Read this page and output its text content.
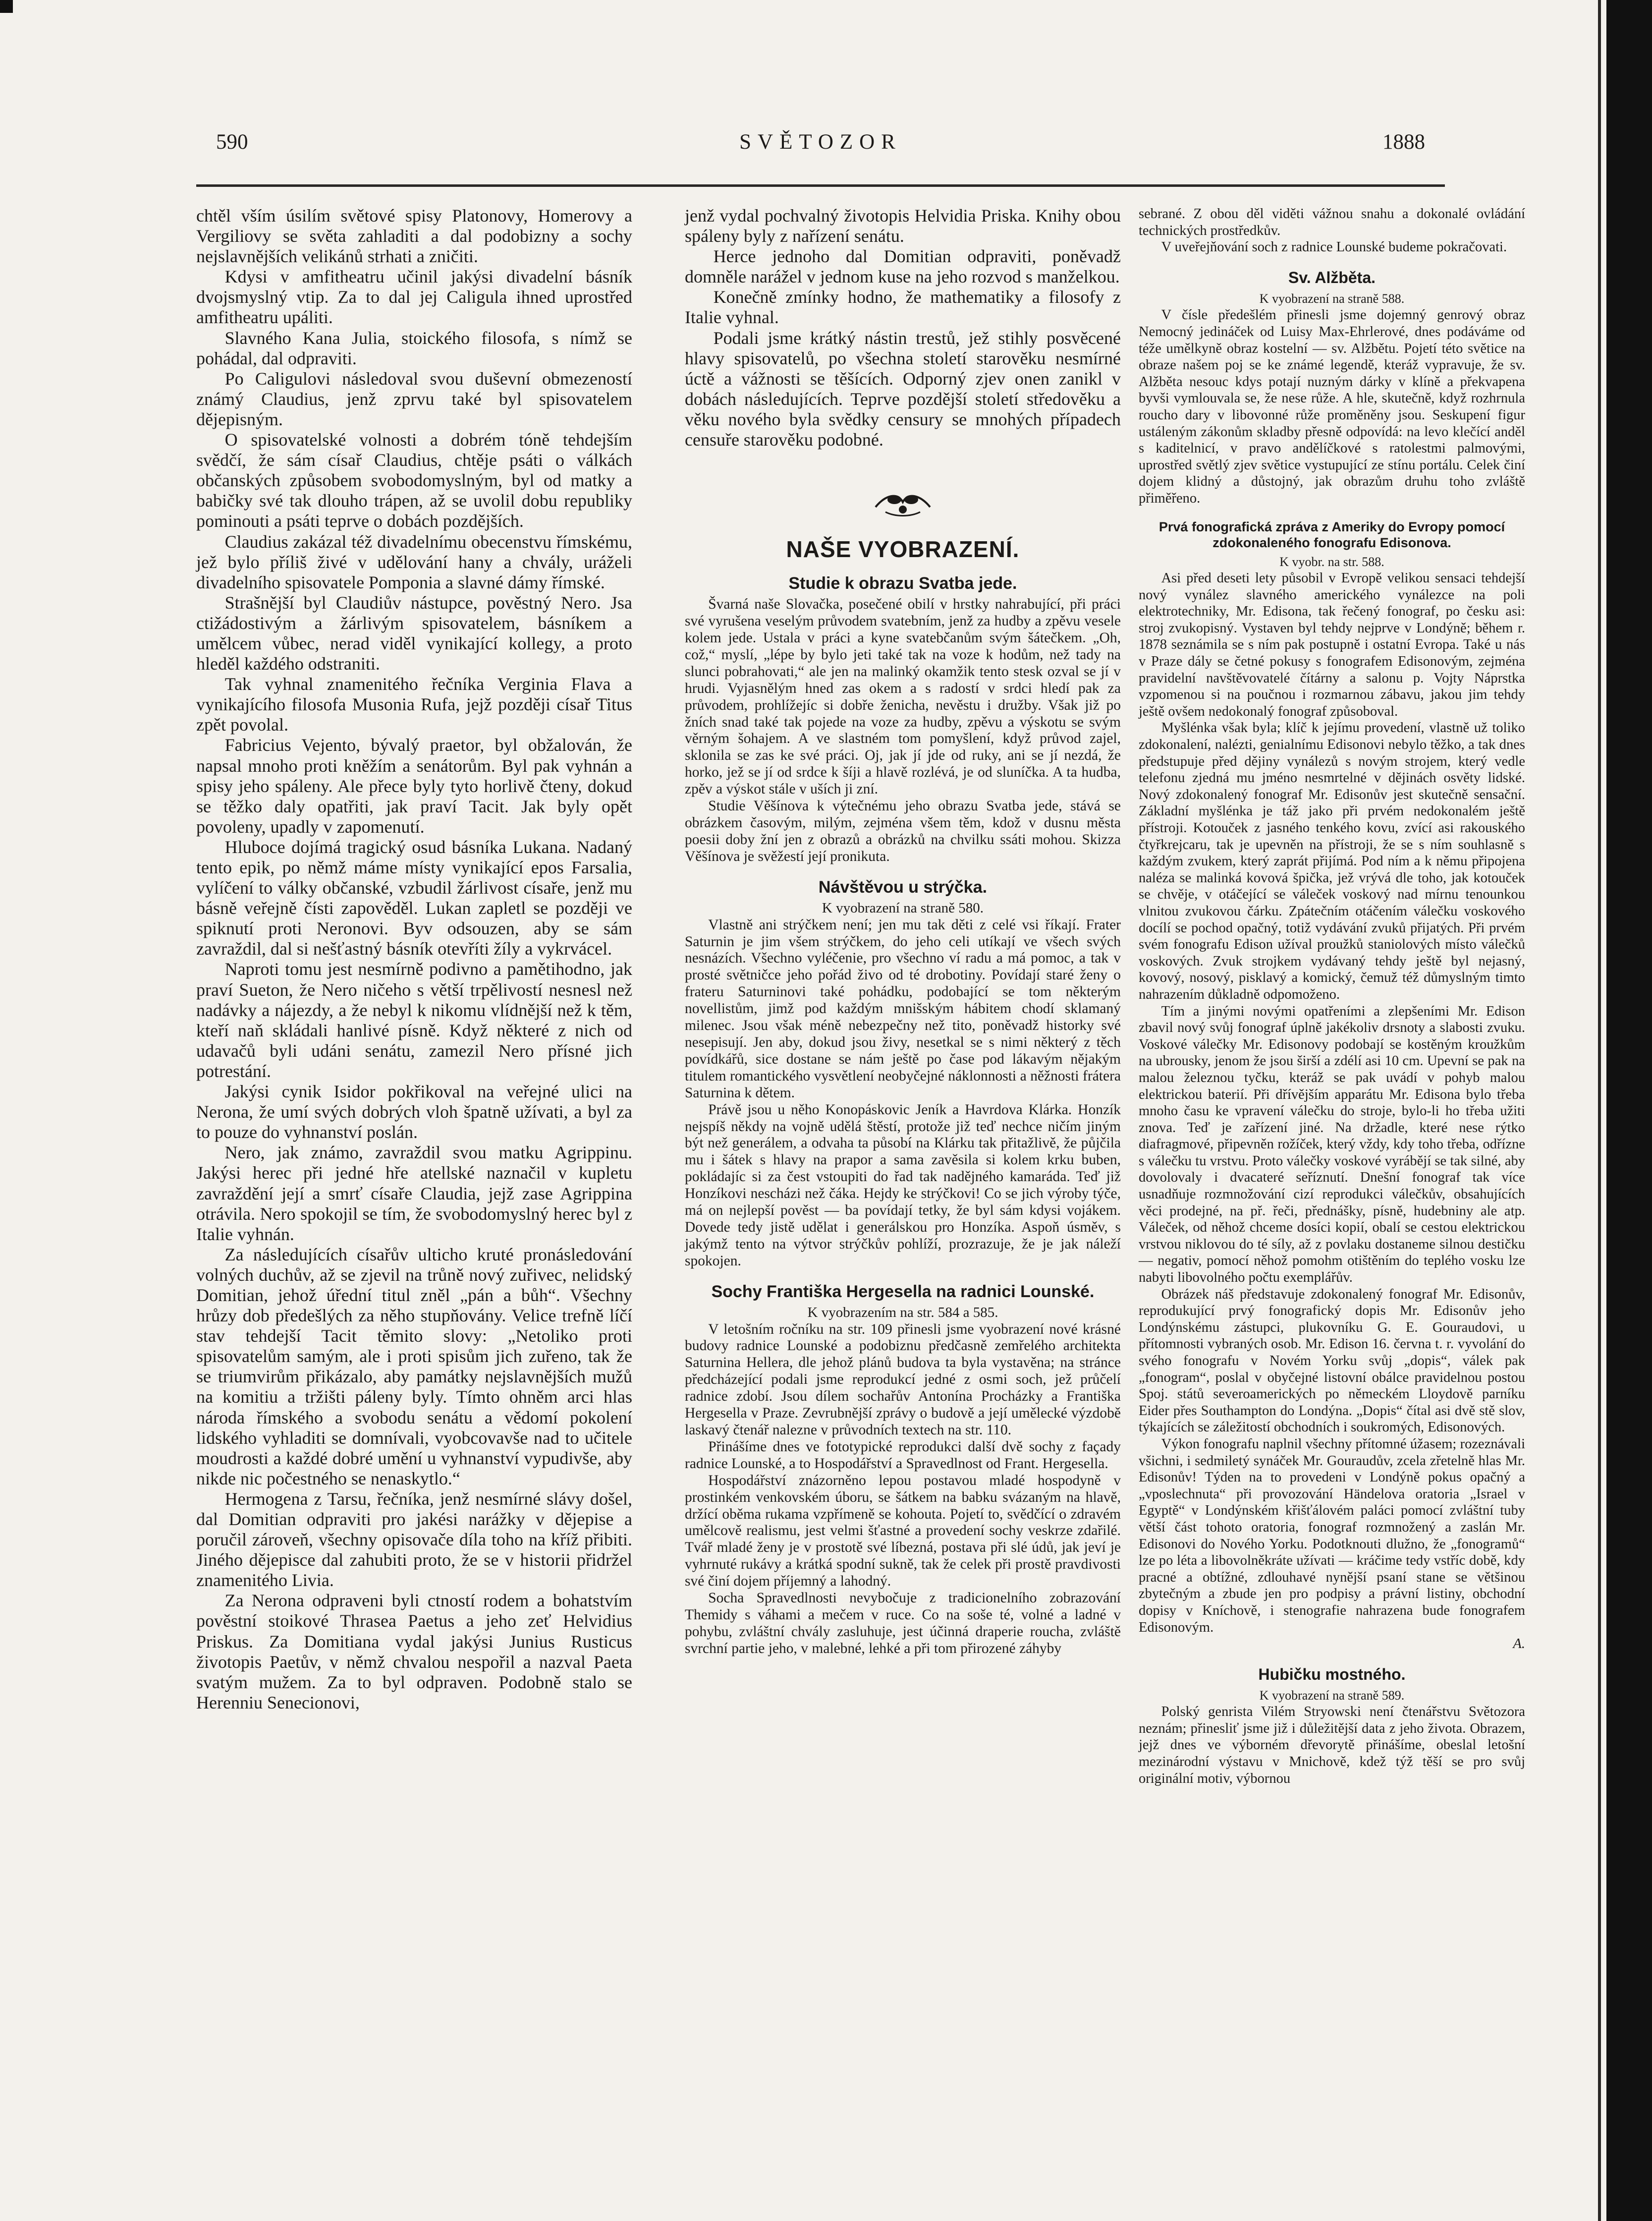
590	SVĚTOZOR	1888

chtěl vším úsilím světové spisy Platonovy, Homerovy a Vergiliovy se světa zahladiti a dal podobizny a sochy nejslavnějších velikánů strhati a zničiti.

Kdysi v amfitheatru učinil jakýsi divadelní básník dvojsmyslný vtip. Za to dal jej Caligula ihned uprostřed amfitheatru upáliti.

Slavného Kana Julia, stoického filosofa, s nímž se pohádal, dal odpraviti.

Po Caligulovi následoval svou duševní obmezeností známý Claudius, jenž zprvu také byl spisovatelem dějepisným.

O spisovatelské volnosti a dobrém tóně tehdejším svědčí, že sám císař Claudius, chtěje psáti o válkách občanských způsobem svobodomyslným, byl od matky a babičky své tak dlouho trápen, až se uvolil dobu republiky pominouti a psáti teprve o dobách pozdějších.

Claudius zakázal též divadelnímu obecenstvu římskému, jež bylo příliš živé v udělování hany a chvály, uráželi divadelního spisovatele Pomponia a slavné dámy římské.

Strašnější byl Claudiův nástupce, pověstný Nero. Jsa ctižádostivým a žárlivým spisovatelem, básníkem a umělcem vůbec, nerad viděl vynikající kollegy, a proto hleděl každého odstraniti.

Tak vyhnal znamenitého řečníka Verginia Flava a vynikajícího filosofa Musonia Rufa, jejž později císař Titus zpět povolal.

Fabricius Vejento, bývalý praetor, byl obžalován, že napsal mnoho proti kněžím a senátorům. Byl pak vyhnán a spisy jeho spáleny. Ale přece byly tyto horlivě čteny, dokud se těžko daly opatřiti, jak praví Tacit. Jak byly opět povoleny, upadly v zapomenutí.

Hluboce dojímá tragický osud básníka Lukana. Nadaný tento epik, po němž máme místy vynikající epos Farsalia, vylíčení to války občanské, vzbudil žárlivost císaře, jenž mu básně veřejně čísti zapověděl. Lukan zapletl se později ve spiknutí proti Neronovi. Byv odsouzen, aby se sám zavraždil, dal si nešťastný básník otevříti žíly a vykrvácel.

Naproti tomu jest nesmírně podivno a pamětihodno, jak praví Sueton, že Nero ničeho s větší trpělivostí nesnesl než nadávky a nájezdy, a že nebyl k nikomu vlídnější než k těm, kteří naň skládali hanlivé písně. Když některé z nich od udavačů byli udáni senátu, zamezil Nero přísné jich potrestání.

Jakýsi cynik Isidor pokřikoval na veřejné ulici na Nerona, že umí svých dobrých vloh špatně užívati, a byl za to pouze do vyhnanství poslán.

Nero, jak známo, zavraždil svou matku Agrippinu. Jakýsi herec při jedné hře atellské naznačil v kupletu zavraždění její a smrť císaře Claudia, jejž zase Agrippina otrávila. Nero spokojil se tím, že svobodomyslný herec byl z Italie vyhnán.

Za následujících císařův ulticho kruté pronásledování volných duchův, až se zjevil na trůně nový zuřivec, nelidský Domitian, jehož úřední titul zněl „pán a bůh“. Všechny hrůzy dob předešlých za něho stupňovány. Velice trefně líčí stav tehdejší Tacit těmito slovy: „Netoliko proti spisovatelům samým, ale i proti spisům jich zuřeno, tak že se triumvirům přikázalo, aby památky nejslavnějších mužů na komitiu a tržišti páleny byly. Tímto ohněm arci hlas národa římského a svobodu senátu a vědomí pokolení lidského vyhladiti se domnívali, vyobcovavše nad to učitele moudrosti a každé dobré umění u vyhnanství vypudivše, aby nikde nic počestného se nenaskytlo.“

Hermogena z Tarsu, řečníka, jenž nesmírné slávy došel, dal Domitian odpraviti pro jakési narážky v dějepise a poručil zároveň, všechny opisovače díla toho na kříž přibiti. Jiného dějepisce dal zahubiti proto, že se v historii přidržel znamenitého Livia.

Za Nerona odpraveni byli ctností rodem a bohatstvím pověstní stoikové Thrasea Paetus a jeho zeť Helvidius Priskus. Za Domitiana vydal jakýsi Junius Rusticus životopis Paetův, v němž chvalou nespořil a nazval Paeta svatým mužem. Za to byl odpraven. Podobně stalo se Herenniu Senecionovi,

jenž vydal pochvalný životopis Helvidia Priska. Knihy obou spáleny byly z nařízení senátu.

Herce jednoho dal Domitian odpraviti, poněvadž domněle narážel v jednom kuse na jeho rozvod s manželkou.

Konečně zmínky hodno, že mathematiky a filosofy z Italie vyhnal.

Podali jsme krátký nástin trestů, jež stihly posvěcené hlavy spisovatelů, po všechna století starověku nesmírné úctě a vážnosti se těšících. Odporný zjev onen zanikl v dobách následujících. Teprve pozdější století středověku a věku nového byla svědky censury se mnohých případech censuře starověku podobné.

NAŠE VYOBRAZENÍ.
Studie k obrazu Svatba jede.

Švarná naše Slovačka, posečené obilí v hrstky nahrabující, při práci své vyrušena veselým průvodem svatebním, jenž za hudby a zpěvu vesele kolem jede. Ustala v práci a kyne svatebčanům svým šátečkem. „Oh, což,“ myslí, „lépe by bylo jeti také tak na voze k hodům, než tady na slunci pobrahovati,“ ale jen na malinký okamžik tento stesk ozval se jí v hrudi. Vyjasnělým hned zas okem a s radostí v srdci hledí pak za průvodem, prohlížejíc si dobře ženicha, nevěstu i družby. Však již po žních snad také tak pojede na voze za hudby, zpěvu a výskotu se svým věrným šohajem. A ve slastném tom pomyšlení, když průvod zajel, sklonila se zas ke své práci. Oj, jak jí jde od ruky, ani se jí nezdá, že horko, jež se jí od srdce k šíji a hlavě rozlévá, je od sluníčka. A ta hudba, zpěv a výskot stále v uších ji zní.

Studie Věšínova k výtečnému jeho obrazu Svatba jede, stává se obrázkem časovým, milým, zejména všem těm, kdož v dusnu města poesii doby žní jen z obrazů a obrázků na chvilku ssáti mohou. Skizza Věšínova je svěžestí její pronikuta.

Návštěvou u strýčka.

K vyobrazení na straně 580.

Vlastně ani strýčkem není; jen mu tak děti z celé vsi říkají. Frater Saturnin je jim všem strýčkem, do jeho celi utíkají ve všech svých nesnázích. Všechno vyléčenie, pro všechno ví radu a má pomoc, a tak v prosté světničce jeho pořád živo od té drobotiny. Povídají staré ženy o frateru Saturninovi také pohádku, podobající se tom některým novellistům, jimž pod každým mnišským hábitem chodí sklamaný milenec. Jsou však méně nebezpečny než tito, poněvadž historky své nesepisují. Jen aby, dokud jsou živy, nesetkal se s nimi některý z těch povídkářů, sice dostane se nám ještě po čase pod lákavým nějakým titulem romantického vysvětlení neobyčejné náklonnosti a něžnosti frátera Saturnina k dětem.

Právě jsou u něho Konopáskovic Jeník a Havrdova Klárka. Honzík nejspíš někdy na vojně udělá štěstí, protože již teď nechce ničím jiným být než generálem, a odvaha ta působí na Klárku tak přitažlivě, že půjčila mu i šátek s hlavy na prapor a sama zavěsila si kolem krku buben, pokládajíc si za čest vstoupiti do řad tak nadějného kamaráda. Teď již Honzíkovi nescházi než čáka. Hejdy ke strýčkovi! Co se jich výroby týče, má on nejlepší pověst — ba povídají tetky, že byl sám kdysi vojákem. Dovede tedy jistě udělat i generálskou pro Honzíka. Aspoň úsměv, s jakýmž tento na výtvor strýčkův pohlíží, prozrazuje, že je jak náleží spokojen.

Sochy Františka Hergesella na radnici Lounské.

K vyobrazením na str. 584 a 585.

V letošním ročníku na str. 109 přinesli jsme vyobrazení nové krásné budovy radnice Lounské a podobiznu předčasně zemřelého architekta Saturnina Hellera, dle jehož plánů budova ta byla vystavěna; na stránce předcházející podali jsme reprodukcí jedné z osmi soch, jež průčelí radnice zdobí. Jsou dílem sochařův Antonína Procházky a Františka Hergesella v Praze. Zevrubnější zprávy o budově a její umělecké výzdobě laskavý čtenář nalezne v průvodních textech na str. 110.

Přinášíme dnes ve fototypické reprodukci další dvě sochy z façady radnice Lounské, a to Hospodářství a Spravedlnost od Frant. Hergesella.

Hospodářství znázorněno lepou postavou mladé hospodyně v prostinkém venkovském úboru, se šátkem na babku svázaným na hlavě, držící oběma rukama vzpřímeně se kohouta. Pojetí to, svědčící o zdravém umělcově realismu, jest velmi šťastné a provedení sochy veskrze zdařilé. Tvář mladé ženy je v prostotě své líbezná, postava při slé údů, jak jeví je vyhrnuté rukávy a krátká spodní sukně, tak že celek při prostě pravdivosti své činí dojem příjemný a lahodný.

Socha Spravedlnosti nevybočuje z tradicionelního zobrazování Themidy s váhami a mečem v ruce. Co na soše té, volné a ladné v pohybu, zvláštní chvály zasluhuje, jest účinná draperie roucha, zvláště svrchní partie jeho, v malebné, lehké a při tom přirozené záhyby

sebrané. Z obou děl viděti vážnou snahu a dokonalé ovládání technických prostředkův.

V uveřejňování soch z radnice Lounské budeme pokračovati.

Sv. Alžběta.

K vyobrazení na straně 588.

V čísle předešlém přinesli jsme dojemný genrový obraz Nemocný jedináček od Luisy Max-Ehrlerové, dnes podáváme od téže umělkyně obraz kostelní — sv. Alžbětu. Pojetí této světice na obraze našem poj se ke známé legendě, kteráž vypravuje, že sv. Alžběta nesouc kdys potají nuzným dárky v klíně a překvapena byvši vymlouvala se, že nese růže. A hle, skutečně, když rozhrnula roucho dary v libovonné růže proměněny jsou. Seskupení figur ustáleným zákonům skladby přesně odpovídá: na levo klečící anděl s kaditelnicí, v pravo andělíčkové s ratolestmi palmovými, uprostřed světlý zjev světice vystupující ze stínu portálu. Celek činí dojem klidný a důstojný, jak obrazům druhu toho zvláště přiměřeno.

Prvá fonografická zpráva z Ameriky do Evropy pomocí zdokonaleného fonografu Edisonova.

K vyobr. na str. 588.

Asi před deseti lety působil v Evropě velikou sensaci tehdejší nový vynález slavného amerického vynálezce na poli elektrotechniky, Mr. Edisona, tak řečený fonograf, po česku asi: stroj zvukopisný. Vystaven byl tehdy nejprve v Londýně; během r. 1878 seznámila se s ním pak postupně i ostatní Evropa. Také u nás v Praze dály se četné pokusy s fonografem Edisonovým, zejména pravidelní navštěvovatelé čítárny a salonu p. Vojty Náprstka vzpomenou si na poučnou i rozmarnou zábavu, jakou jim tehdy ještě ovšem nedokonalý fonograf způsoboval.

Myšlénka však byla; klíč k jejímu provedení, vlastně už toliko zdokonalení, nalézti, genialnímu Edisonovi nebylo těžko, a tak dnes předstupuje před dějiny vynálezů s novým strojem, který vedle telefonu zjedná mu jméno nesmrtelné v dějinách osvěty lidské. Nový zdokonalený fonograf Mr. Edisonův jest skutečně sensační. Základní myšlénka je táž jako při prvém nedokonalém ještě přístroji. Kotouček z jasného tenkého kovu, zvící asi rakouského čtyřkrejcaru, tak je upevněn na přístroji, že se s ním souhlasně s každým zvukem, který zaprát přijímá. Pod ním a k němu připojena naléza se malinká kovová špička, jež vrývá dle toho, jak kotouček se chvěje, v otáčející se váleček voskový nad mírnu tenounkou vlnitou zvukovou čárku. Zpátečním otáčením válečku voskového docílí se pochod opačný, totiž vydávání zvuků přijatých. Při prvém svém fonografu Edison užíval proužků staniolových místo válečků voskových. Zvuk strojkem vydávaný tehdy ještě byl nejasný, kovový, nosový, pisklavý a komický, čemuž též důmyslným timto nahrazením důkladně odpomoženo.

Tím a jinými novými opatřeními a zlepšeními Mr. Edison zbavil nový svůj fonograf úplně jakékoliv drsnoty a slabosti zvuku. Voskové válečky Mr. Edisonovy podobají se kostěným kroužkům na ubrousky, jenom že jsou širší a zdélí asi 10 cm. Upevní se pak na malou železnou tyčku, kteráž se pak uvádí v pohyb malou elektrickou baterií. Při dřívějším apparátu Mr. Edisona bylo třeba mnoho času ke vpravení válečku do stroje, bylo-li ho třeba užiti znova. Teď je zařízení jiné. Na držadle, které nese rýtko diafragmové, připevněn rožíček, který vždy, kdy toho třeba, odříznе s válečku tu vrstvu. Proto válečky voskové vyrábějí se tak silné, aby dovolovaly i dvacateré seříznutí. Dnešní fonograf tak více usnadňuje rozmnožování cizí reprodukci válečkův, obsahujících věci prodejné, na př. řeči, přednášky, písně, hudebniny ale atp. Váleček, od něhož chceme dosíci kopií, obalí se cestou elektrickou vrstvou niklovou do té síly, až z povlaku dostaneme silnou destičku — negativ, pomocí něhož pomohm otištěním do teplého vosku lze nabyti libovolného počtu exemplářův.

Obrázek náš představuje zdokonalený fonograf Mr. Edisonův, reprodukující prvý fonografický dopis Mr. Edisonův jeho Londýnskému zástupci, plukovníku G. E. Gouraudovi, u přítomnosti vybraných osob. Mr. Edison 16. června t. r. vyvolání do svého fonografu v Novém Yorku svůj „dopis“, válek pak „fonogram“, poslal v obyčejné listovní obálce pravidelnou postou Spoj. států severoamerických po německém Lloydově parníku Eider přes Southampton do Londýna. „Dopis“ čítal asi dvě stě slov, týkajících se záležitostí obchodních i soukromých, Edisonových.

Výkon fonografu naplnil všechny přítomné úžasem; rozeznávali všichni, i sedmiletý synáček Mr. Gouraudův, zcela zřetelně hlas Mr. Edisonův! Týden na to provedeni v Londýně pokus opačný a „vposlechnuta“ při provozování Händelova oratoria „Israel v Egyptě“ v Londýnském křišťálovém paláci pomocí zvláštní tuby větší část tohoto oratoria, fonograf rozmnožený a zaslán Mr. Edisonovi do Nového Yorku. Podotknouti dlužno, že „fonogramů“ lze po léta a libovolněkráte užívati — kráčime tedy vstříc době, kdy pracné a obtížné, zdlouhavé nynější psaní stane se většinou zbytečným a zbude jen pro podpisy a právní listiny, obchodní dopisy v Kníchově, i stenografie nahrazena bude fonografem Edisonovým.

A.

Hubičku mostného.

K vyobrazení na straně 589.

Polský genrista Vilém Stryowski není čtenářstvu Světozora neznám; přinesliť jsme již i důležitější data z jeho života. Obrazem, jejž dnes ve výborném dřevorytě přinášíme, obeslal letošní mezinárodní výstavu v Mnichově, kdež týž těší se pro svůj originální motiv, výbornou
